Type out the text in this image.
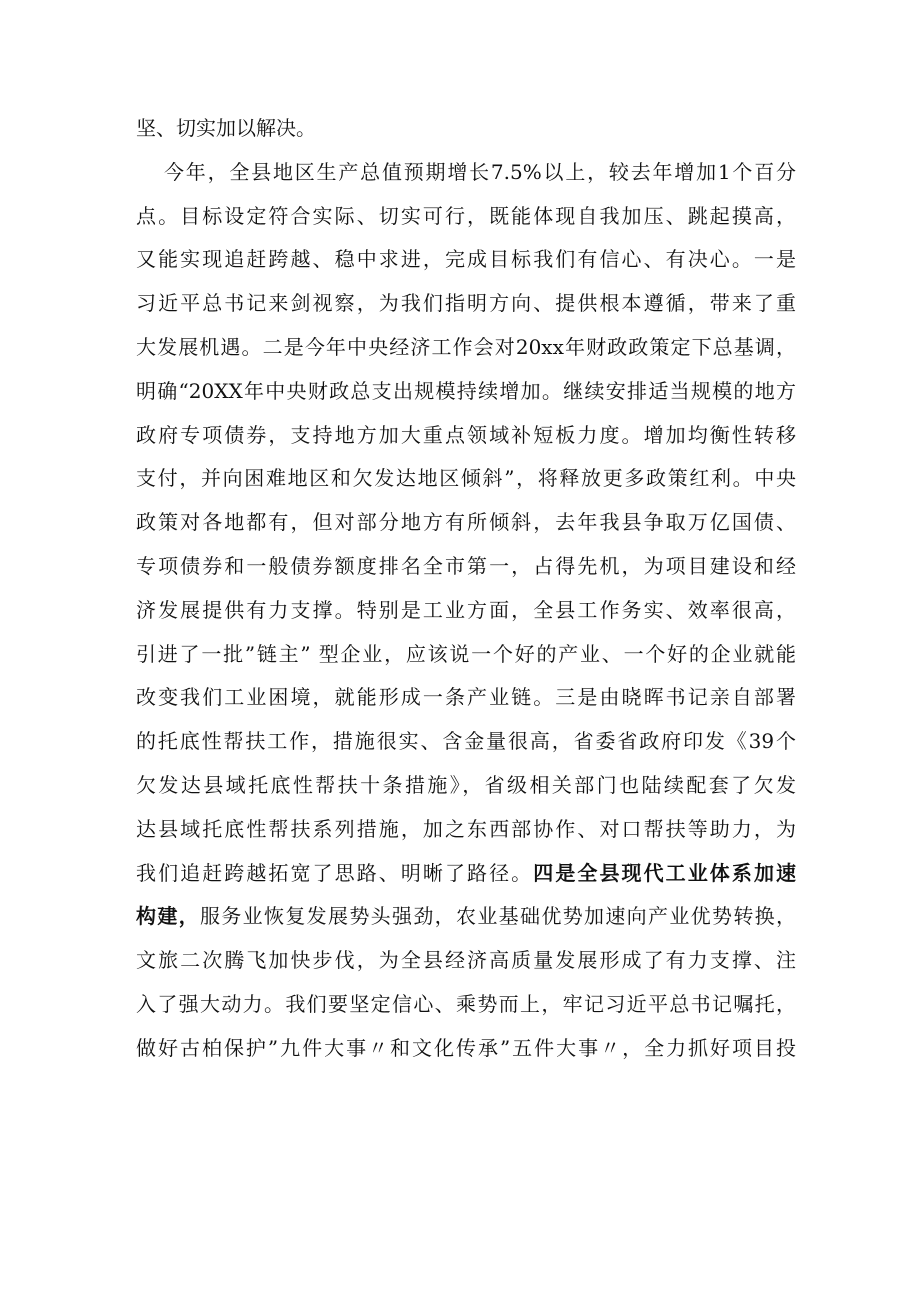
坚、切实加以解决。
今年，全县地区生产总值预期增长7.5%以上，较去年增加1个百分
点。目标设定符合实际、切实可行，既能体现自我加压、跳起摸高，
又能实现追赶跨越、稳中求进，完成目标我们有信心、有决心。一是
习近平总书记来剑视察，为我们指明方向、提供根本遵循，带来了重
大发展机遇。二是今年中央经济工作会对20xx年财政政策定下总基调，
明确“20XX年中央财政总支出规模持续增加。继续安排适当规模的地方
政府专项债券，支持地方加大重点领域补短板力度。增加均衡性转移
支付，并向困难地区和欠发达地区倾斜”，将释放更多政策红利。中央
政策对各地都有，但对部分地方有所倾斜，去年我县争取万亿国债、
专项债券和一般债券额度排名全市第一，占得先机，为项目建设和经
济发展提供有力支撑。特别是工业方面，全县工作务实、效率很高，
引进了一批”链主” 型企业，应该说一个好的产业、一个好的企业就能
改变我们工业困境，就能形成一条产业链。三是由晓晖书记亲自部署
的托底性帮扶工作，措施很实、含金量很高，省委省政府印发《39个
欠发达县域托底性帮扶十条措施》，省级相关部门也陆续配套了欠发
达县域托底性帮扶系列措施，加之东西部协作、对口帮扶等助力，为
我们追赶跨越拓宽了思路、明晰了路径。四是全县现代工业体系加速
构建，服务业恢复发展势头强劲，农业基础优势加速向产业优势转换，
文旅二次腾飞加快步伐，为全县经济高质量发展形成了有力支撑、注
入了强大动力。我们要坚定信心、乘势而上，牢记习近平总书记嘱托，
做好古柏保护”九件大事〃和文化传承”五件大事〃，全力抓好项目投
